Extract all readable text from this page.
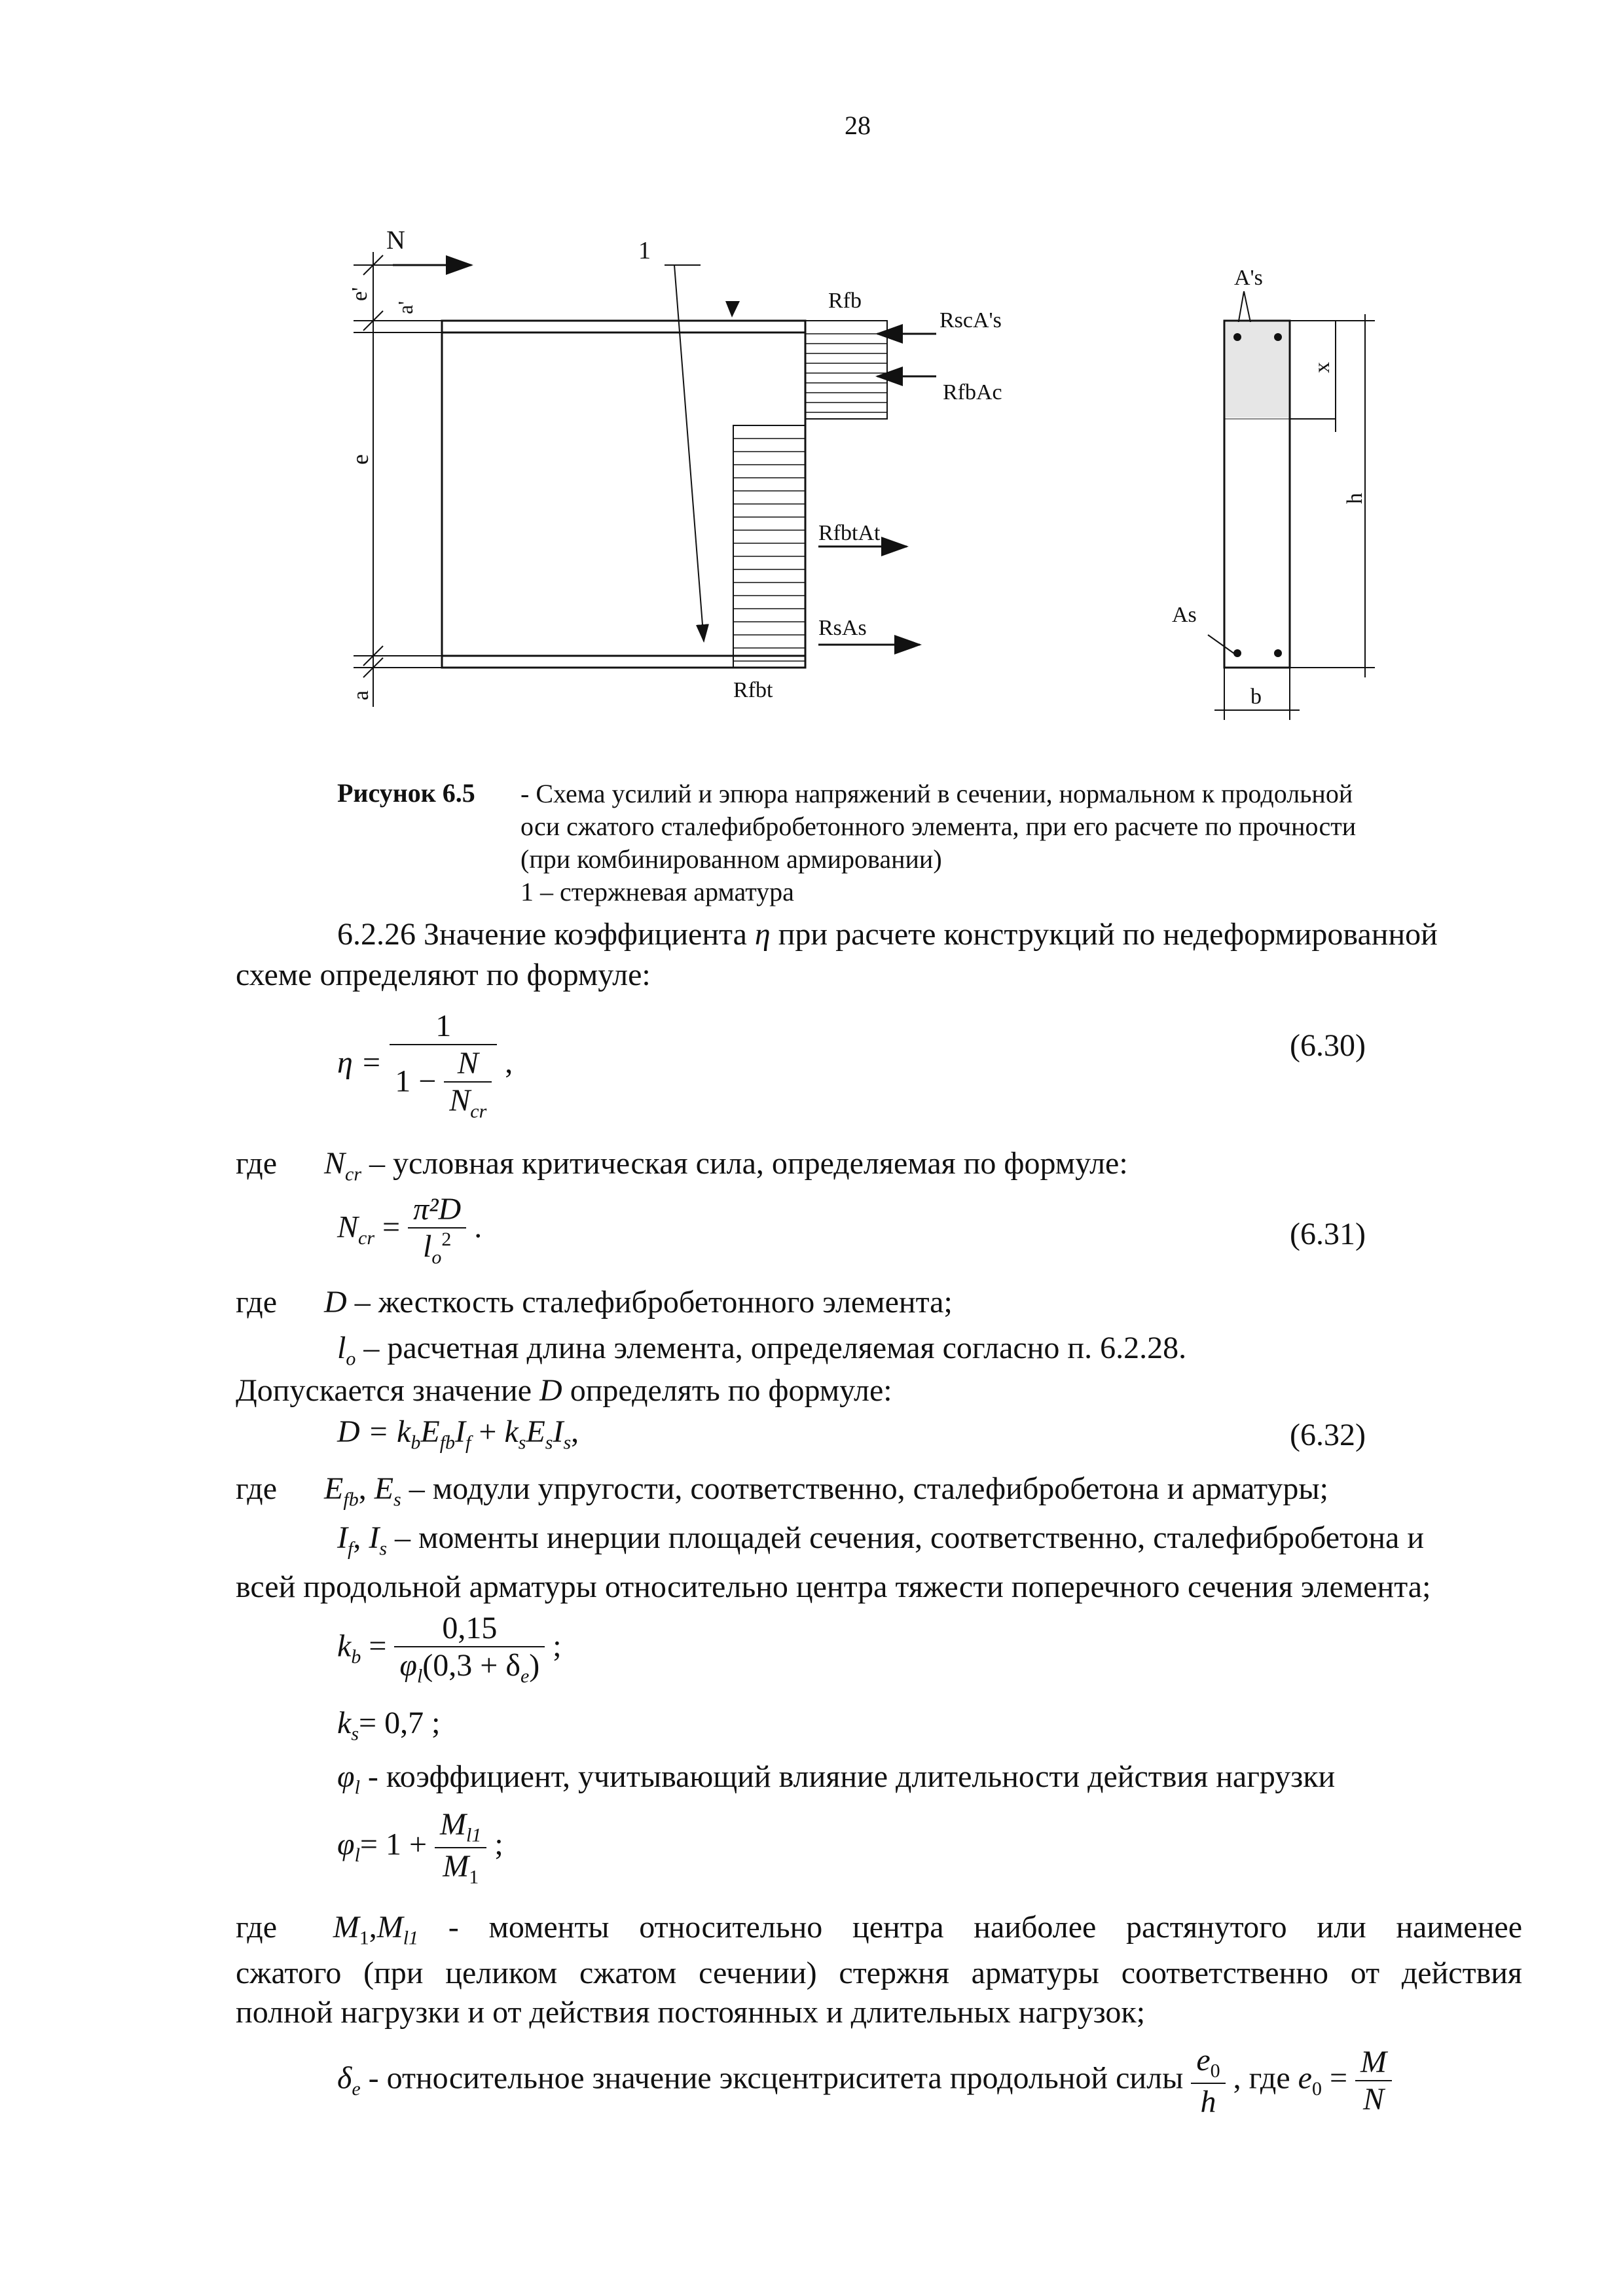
28
N	1
e'
a'
e
a
Rfb
RscA's
RfbAc
RfbtAt
RsAs
Rfbt
A's
x
h
As
b
Рисунок 6.5 - Схема усилий и эпюра напряжений в сечении, нормальном к продольной
оси сжатого сталефибробетонного элемента, при его расчете по прочности
(при комбинированном армировании)
1 – стержневая арматура
6.2.26 Значение коэффициента η при расчете конструкций по недеформированной
схеме определяют по формуле:
$\eta = \frac{1}{1 - \frac{N}{N_{cr}}}$ ,	(6.30)
где $N_{cr}$ – условная критическая сила, определяемая по формуле:
$N_{cr} = \frac{\text{π²D}}{l_o^2}$ .	(6.31)
где D – жесткость сталефибробетонного элемента;
$l_o$ – расчетная длина элемента, определяемая согласно п. 6.2.28.
Допускается значение D определять по формуле:
$D = k_bE_{fb}I_f + k_sE_sI_s$,	(6.32)
где $E_{fb}$, $E_s$ – модули упругости, соответственно, сталефибробетона и арматуры;
$I_f$, $I_s$ – моменты инерции площадей сечения, соответственно, сталефибробетона и
всей продольной арматуры относительно центра тяжести поперечного сечения элемента;
$k_b = \frac{0,15}{\varphi_l(0,3 + \delta_e)}$ ;
$k_s= 0,7$ ;
$\varphi_l$ - коэффициент, учитывающий влияние длительности действия нагрузки
$\varphi_l= 1 + \frac{M_{l1}}{M_1}$ ;
где $M_1,M_{l1}$ - моменты относительно центра наиболее растянутого или наименее
сжатого (при целиком сжатом сечении) стержня арматуры соответственно от действия
полной нагрузки и от действия постоянных и длительных нагрузок;
$\delta_e$ - относительное значение эксцентриситета продольной силы $\frac{e_0}{h}$ , где $e_0 = \frac{M}{N}$
